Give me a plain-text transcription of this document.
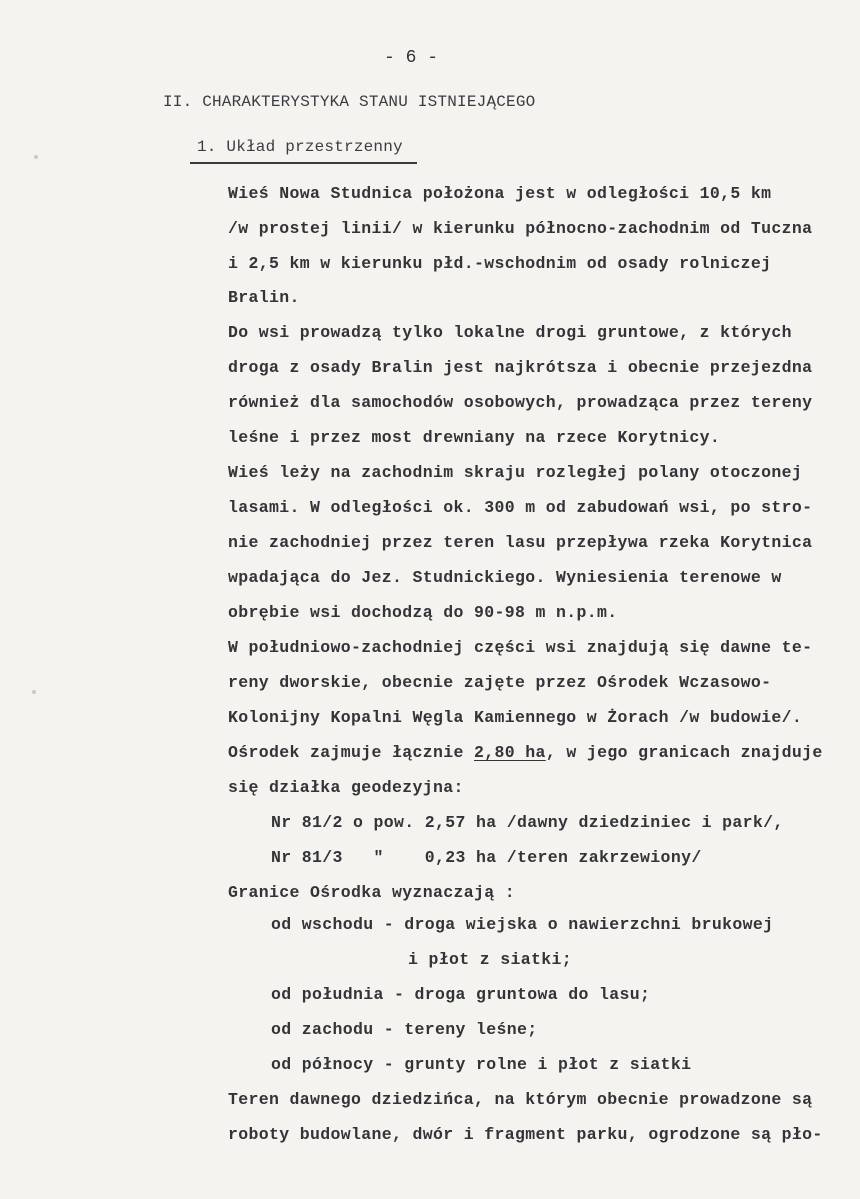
- 6 -
II. CHARAKTERYSTYKA STANU ISTNIEJĄCEGO
1. Układ przestrzenny
Wieś Nowa Studnica położona jest w odległości 10,5 km
/w prostej linii/ w kierunku północno-zachodnim od Tuczna
i 2,5 km w kierunku płd.-wschodnim od osady rolniczej
Bralin.
Do wsi prowadzą tylko lokalne drogi gruntowe, z których
droga z osady Bralin jest najkrótsza i obecnie przejezdna
również dla samochodów osobowych, prowadząca przez tereny
leśne i przez most drewniany na rzece Korytnicy.
Wieś leży na zachodnim skraju rozległej polany otoczonej
lasami. W odległości ok. 300 m od zabudowań wsi, po stro-
nie zachodniej przez teren lasu przepływa rzeka Korytnica
wpadająca do Jez. Studnickiego. Wyniesienia terenowe w
obrębie wsi dochodzą do 90-98 m n.p.m.
W południowo-zachodniej części wsi znajdują się dawne te-
reny dworskie, obecnie zajęte przez Ośrodek Wczasowo-
Kolonijny Kopalni Węgla Kamiennego w Żorach /w budowie/.
Ośrodek zajmuje łącznie 2,80 ha, w jego granicach znajduje
się działka geodezyjna:
Nr 81/2 o pow. 2,57 ha /dawny dziedziniec i park/,
Nr 81/3   "    0,23 ha /teren zakrzewiony/
Granice Ośrodka wyznaczają :
od wschodu - droga wiejska o nawierzchni brukowej
i płot z siatki;
od południa - droga gruntowa do lasu;
od zachodu - tereny leśne;
od północy - grunty rolne i płot z siatki
Teren dawnego dziedzińca, na którym obecnie prowadzone są
roboty budowlane, dwór i fragment parku, ogrodzone są pło-
